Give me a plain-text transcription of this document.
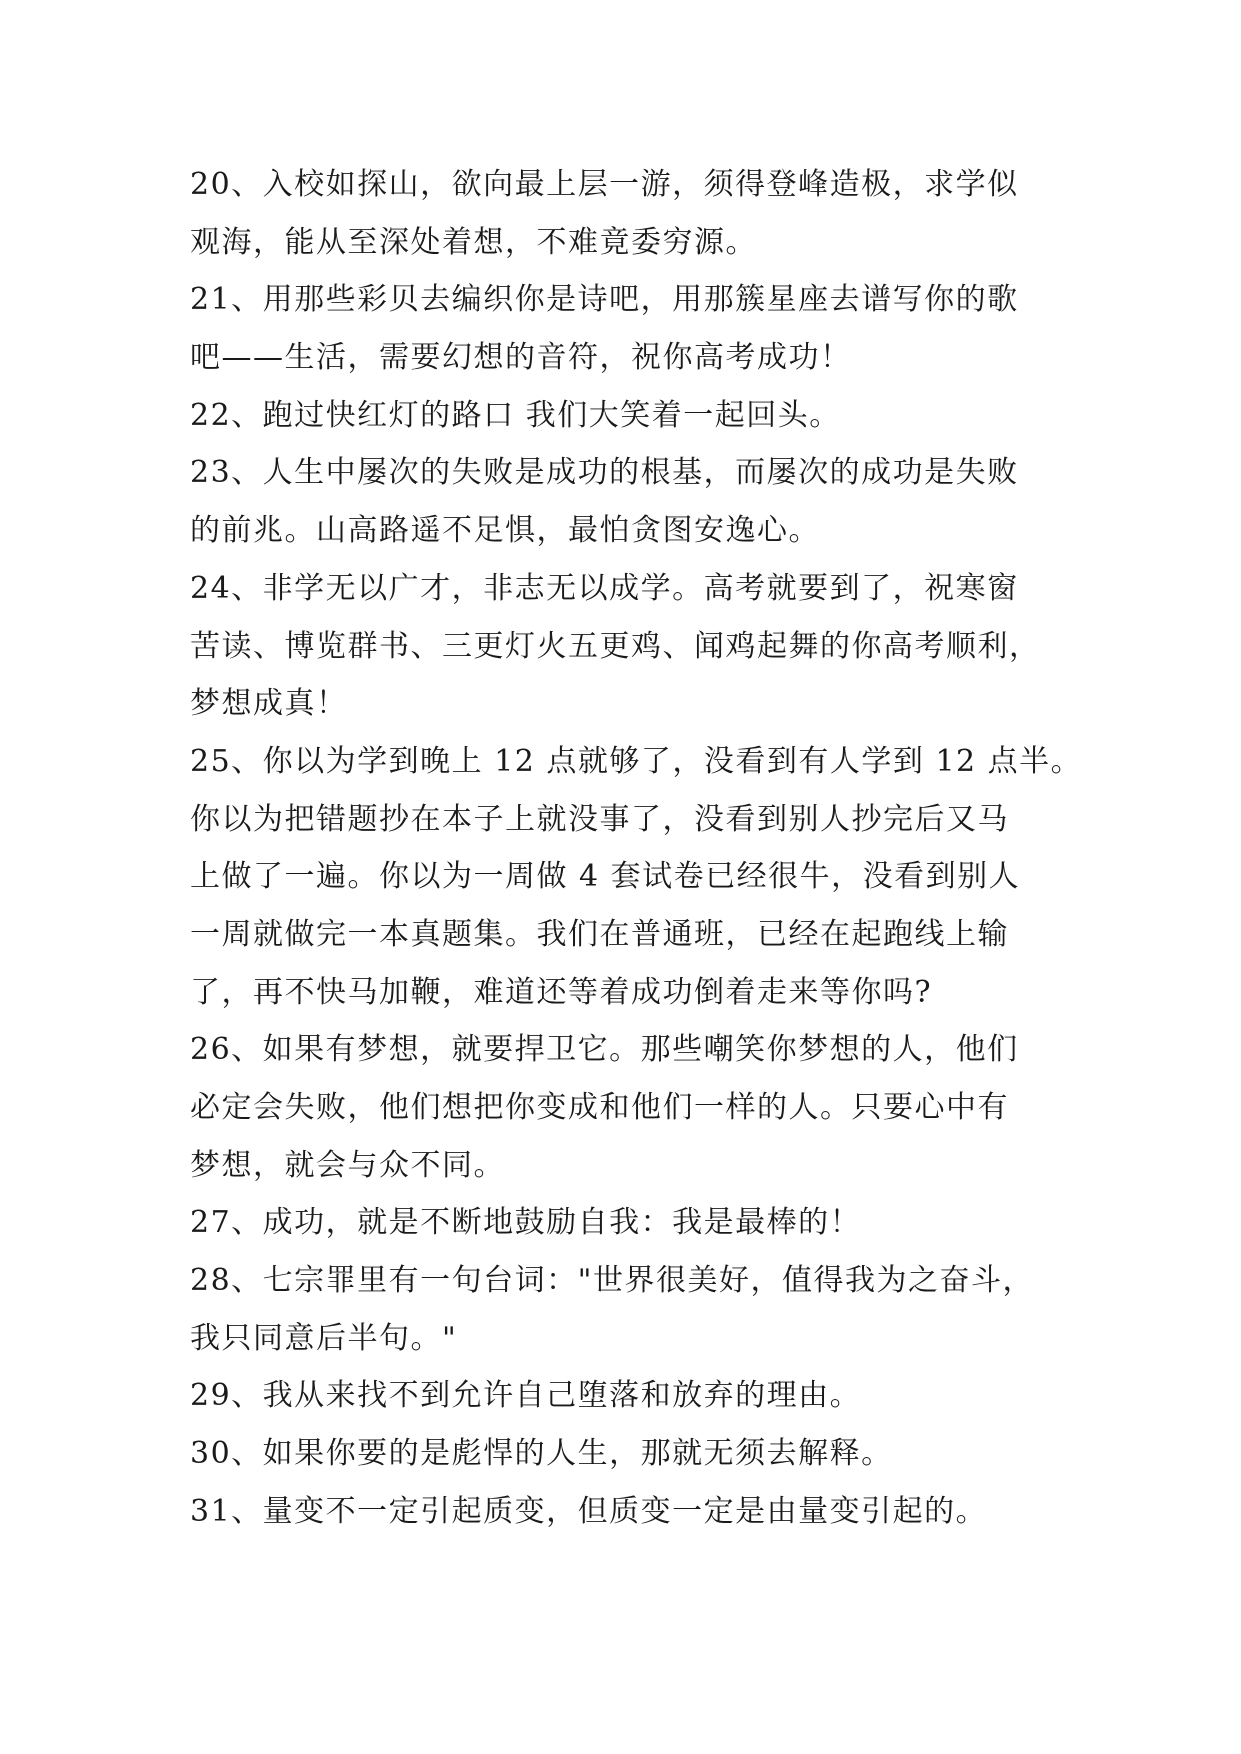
20、入校如探山，欲向最上层一游，须得登峰造极，求学似
观海，能从至深处着想，不难竟委穷源。
21、用那些彩贝去编织你是诗吧，用那簇星座去谱写你的歌
吧——生活，需要幻想的音符，祝你高考成功！
22、跑过快红灯的路口 我们大笑着一起回头。
23、人生中屡次的失败是成功的根基，而屡次的成功是失败
的前兆。山高路遥不足惧，最怕贪图安逸心。
24、非学无以广才，非志无以成学。高考就要到了，祝寒窗
苦读、博览群书、三更灯火五更鸡、闻鸡起舞的你高考顺利，
梦想成真！
25、你以为学到晚上 12 点就够了，没看到有人学到 12 点半。
你以为把错题抄在本子上就没事了，没看到别人抄完后又马
上做了一遍。你以为一周做 4 套试卷已经很牛，没看到别人
一周就做完一本真题集。我们在普通班，已经在起跑线上输
了，再不快马加鞭，难道还等着成功倒着走来等你吗?
26、如果有梦想，就要捍卫它。那些嘲笑你梦想的人，他们
必定会失败，他们想把你变成和他们一样的人。只要心中有
梦想，就会与众不同。
27、成功，就是不断地鼓励自我：我是最棒的！
28、七宗罪里有一句台词："世界很美好，值得我为之奋斗，
我只同意后半句。"
29、我从来找不到允许自己堕落和放弃的理由。
30、如果你要的是彪悍的人生，那就无须去解释。
31、量变不一定引起质变，但质变一定是由量变引起的。
